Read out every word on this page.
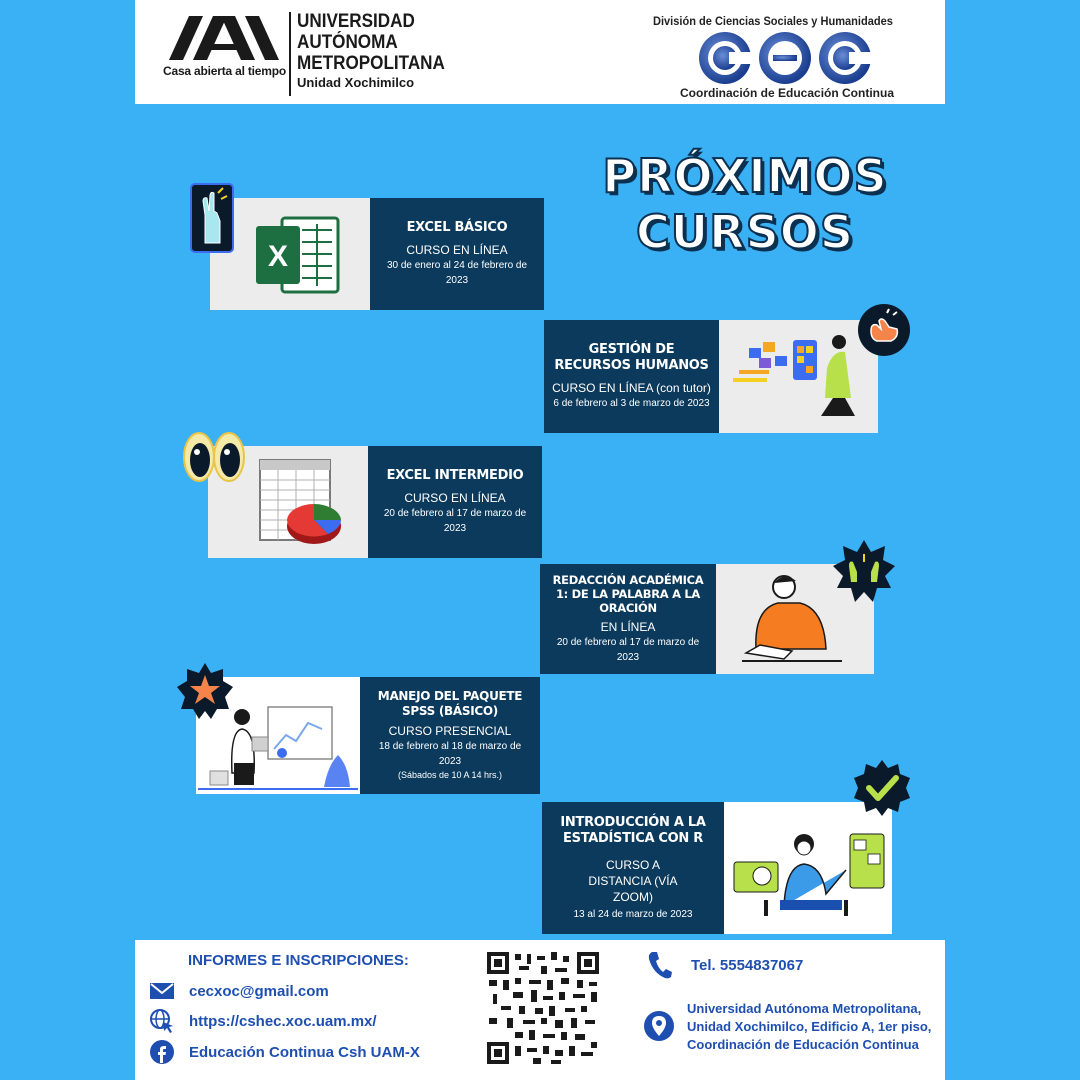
Casa abierta al tiempo
UNIVERSIDAD
AUTÓNOMA
METROPOLITANA
Unidad Xochimilco
División de Ciencias Sociales y Humanidades
Coordinación de Educación Continua
PRÓXIMOS
CURSOS
X
EXCEL BÁSICO
CURSO EN LÍNEA
30 de enero al 24 de febrero de 2023
GESTIÓN DE RECURSOS HUMANOS
CURSO EN LÍNEA (con tutor)
6 de febrero al 3 de marzo de 2023
EXCEL INTERMEDIO
CURSO EN LÍNEA
20 de febrero al 17 de marzo de 2023
REDACCIÓN ACADÉMICA 1: DE LA PALABRA A LA ORACIÓN
EN LÍNEA
20 de febrero al 17 de marzo de 2023
MANEJO DEL PAQUETE SPSS (BÁSICO)
CURSO PRESENCIAL
18 de febrero al 18 de marzo de 2023
(Sábados de 10 A 14 hrs.)
INTRODUCCIÓN A LA ESTADÍSTICA CON R
CURSO A DISTANCIA (VÍA ZOOM)
13 al 24 de marzo de 2023
INFORMES E INSCRIPCIONES:
cecxoc@gmail.com
https://cshec.xoc.uam.mx/
Educación Continua Csh UAM-X
Tel. 5554837067
Universidad Autónoma Metropolitana, Unidad Xochimilco, Edificio A, 1er piso, Coordinación de Educación Continua
